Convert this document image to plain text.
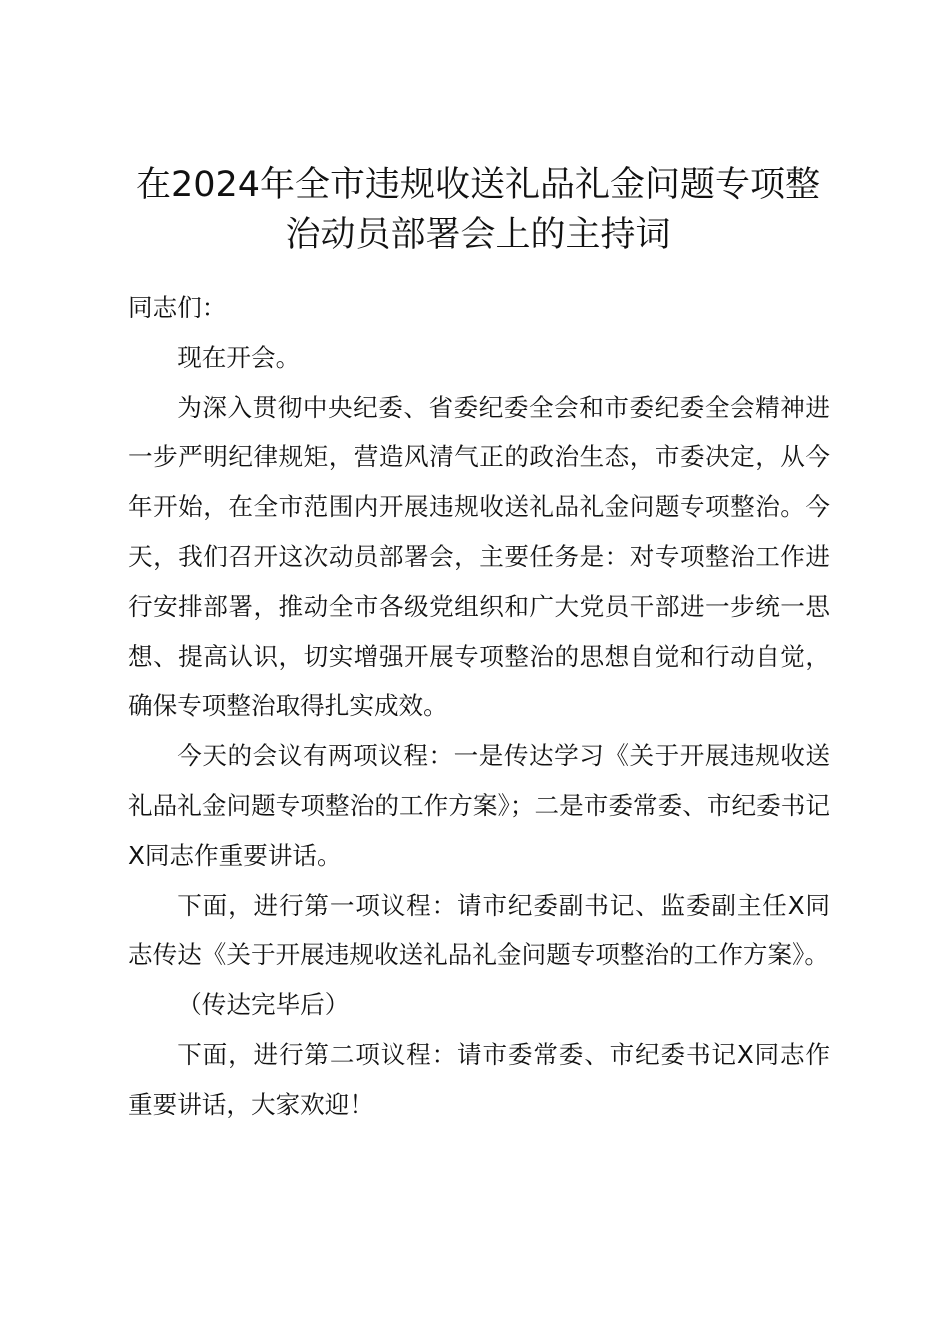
在2024年全市违规收送礼品礼金问题专项整治动员部署会上的主持词

同志们：

现在开会。

为深入贯彻中央纪委、省委纪委全会和市委纪委全会精神进一步严明纪律规矩，营造风清气正的政治生态，市委决定，从今年开始，在全市范围内开展违规收送礼品礼金问题专项整治。今天，我们召开这次动员部署会，主要任务是：对专项整治工作进行安排部署，推动全市各级党组织和广大党员干部进一步统一思想、提高认识，切实增强开展专项整治的思想自觉和行动自觉，确保专项整治取得扎实成效。

今天的会议有两项议程：一是传达学习《关于开展违规收送礼品礼金问题专项整治的工作方案》；二是市委常委、市纪委书记X同志作重要讲话。

下面，进行第一项议程：请市纪委副书记、监委副主任X同志传达《关于开展违规收送礼品礼金问题专项整治的工作方案》。

（传达完毕后）

下面，进行第二项议程：请市委常委、市纪委书记X同志作重要讲话，大家欢迎！
